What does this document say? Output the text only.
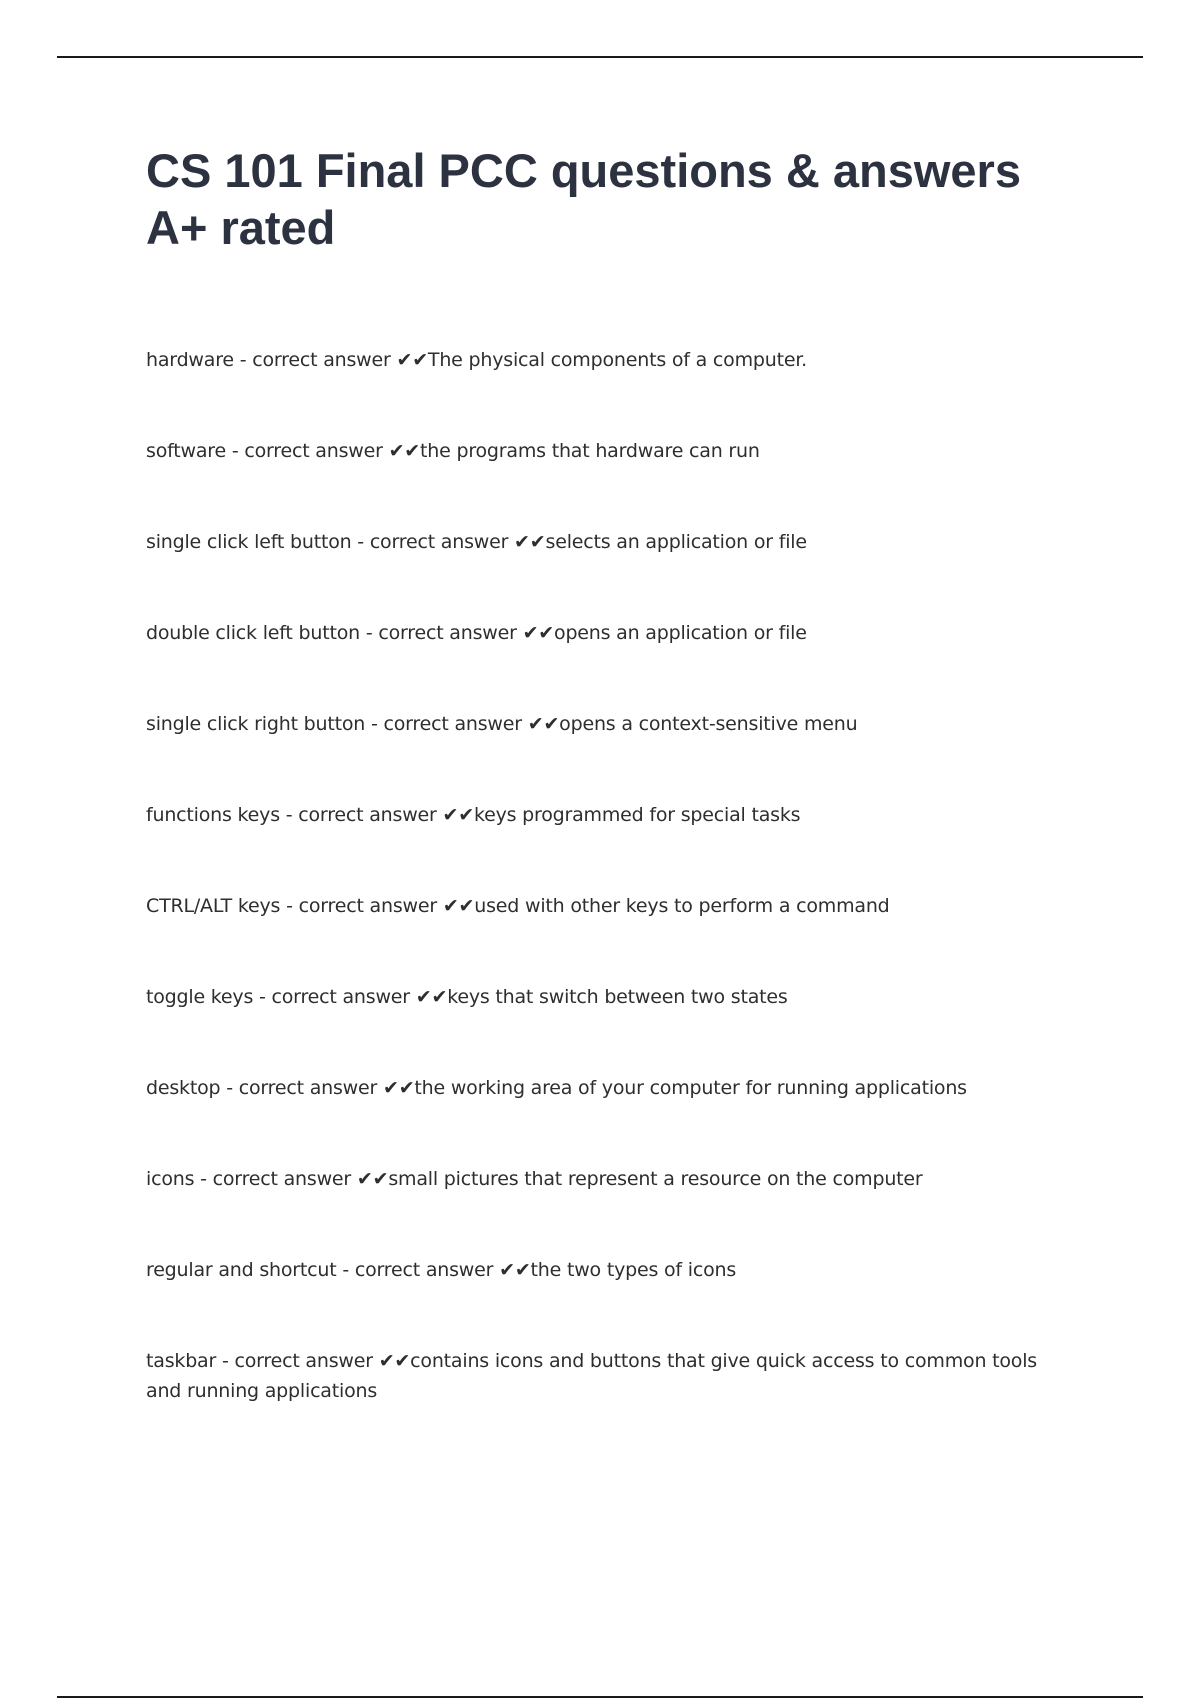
CS 101 Final PCC questions & answers A+ rated
hardware - correct answer ✔✔The physical components of a computer.
software - correct answer ✔✔the programs that hardware can run
single click left button - correct answer ✔✔selects an application or file
double click left button - correct answer ✔✔opens an application or file
single click right button - correct answer ✔✔opens a context-sensitive menu
functions keys - correct answer ✔✔keys programmed for special tasks
CTRL/ALT keys - correct answer ✔✔used with other keys to perform a command
toggle keys - correct answer ✔✔keys that switch between two states
desktop - correct answer ✔✔the working area of your computer for running applications
icons - correct answer ✔✔small pictures that represent a resource on the computer
regular and shortcut - correct answer ✔✔the two types of icons
taskbar - correct answer ✔✔contains icons and buttons that give quick access to common tools and running applications
